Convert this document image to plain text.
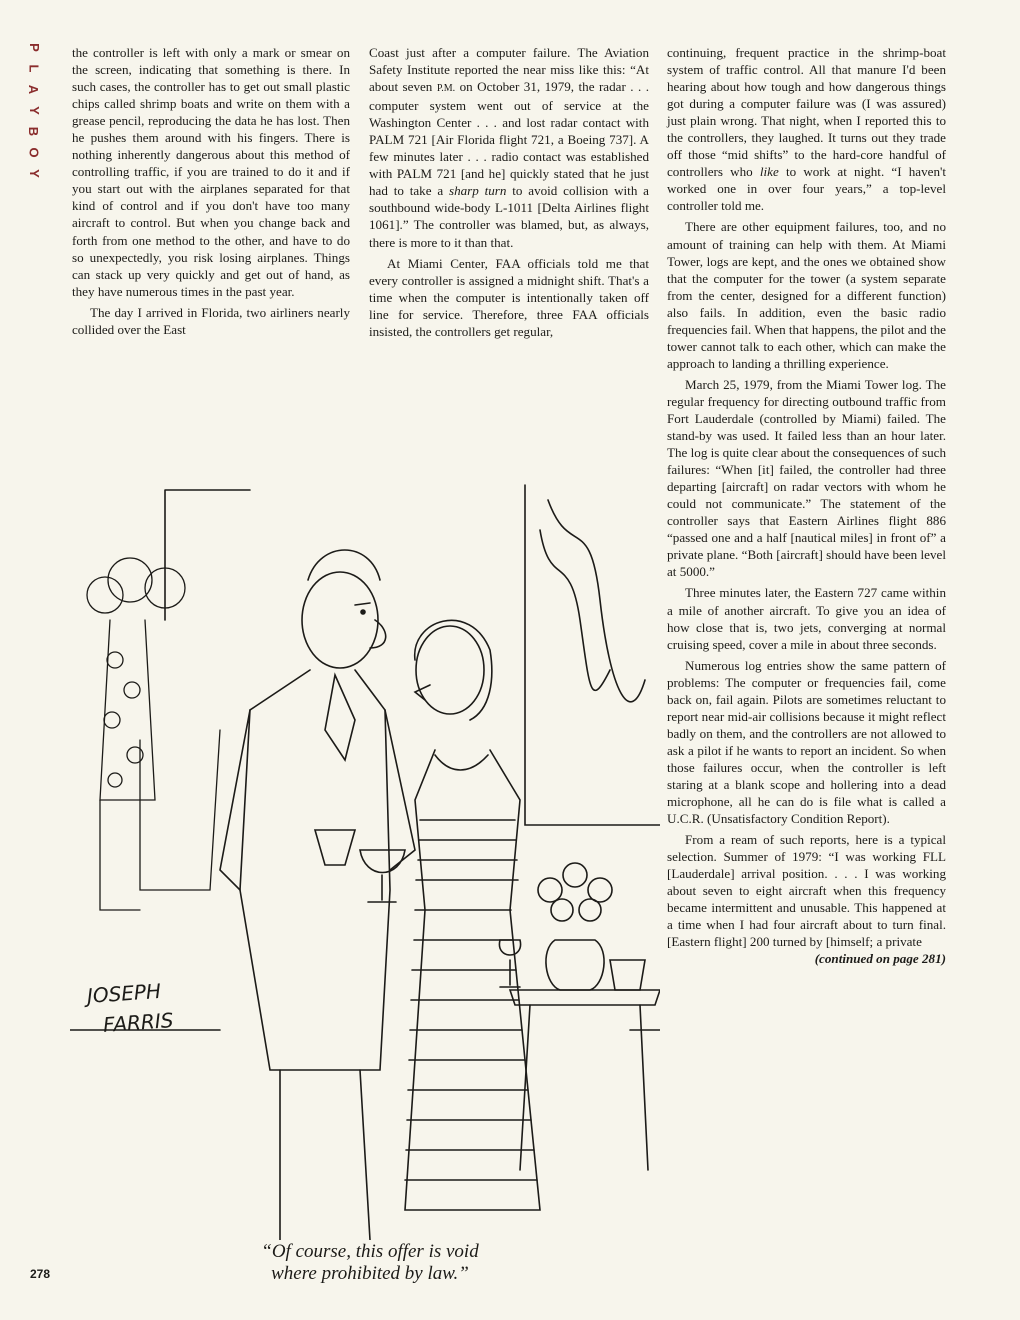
P
L
A
Y
B
O
Y

the controller is left with only a mark or smear on the screen, indicating that something is there. In such cases, the controller has to get out small plastic chips called shrimp boats and write on them with a grease pencil, reproducing the data he has lost. Then he pushes them around with his fingers. There is nothing inherently dangerous about this method of controlling traffic, if you are trained to do it and if you start out with the airplanes separated for that kind of control and if you don't have too many aircraft to control. But when you change back and forth from one method to the other, and have to do so unexpectedly, you risk losing airplanes. Things can stack up very quickly and get out of hand, as they have numerous times in the past year.

The day I arrived in Florida, two airliners nearly collided over the East

Coast just after a computer failure. The Aviation Safety Institute reported the near miss like this: “At about seven P.M. on October 31, 1979, the radar . . . computer system went out of service at the Washington Center . . . and lost radar contact with PALM 721 [Air Florida flight 721, a Boeing 737]. A few minutes later . . . radio contact was established with PALM 721 [and he] quickly stated that he just had to take a sharp turn to avoid collision with a southbound wide-body L-1011 [Delta Airlines flight 1061].” The controller was blamed, but, as always, there is more to it than that.

At Miami Center, FAA officials told me that every controller is assigned a midnight shift. That's a time when the computer is intentionally taken off line for service. Therefore, three FAA officials insisted, the controllers get regular,

continuing, frequent practice in the shrimp-boat system of traffic control. All that manure I'd been hearing about how tough and how dangerous things got during a computer failure was (I was assured) just plain wrong. That night, when I reported this to the controllers, they laughed. It turns out they trade off those “mid shifts” to the hard-core handful of controllers who like to work at night. “I haven't worked one in over four years,” a top-level controller told me.

There are other equipment failures, too, and no amount of training can help with them. At Miami Tower, logs are kept, and the ones we obtained show that the computer for the tower (a system separate from the center, designed for a different function) also fails. In addition, even the basic radio frequencies fail. When that happens, the pilot and the tower cannot talk to each other, which can make the approach to landing a thrilling experience.

March 25, 1979, from the Miami Tower log. The regular frequency for directing outbound traffic from Fort Lauderdale (controlled by Miami) failed. The stand-by was used. It failed less than an hour later. The log is quite clear about the consequences of such failures: “When [it] failed, the controller had three departing [aircraft] on radar vectors with whom he could not communicate.” The statement of the controller says that Eastern Airlines flight 886 “passed one and a half [nautical miles] in front of” a private plane. “Both [aircraft] should have been level at 5000.”

Three minutes later, the Eastern 727 came within a mile of another aircraft. To give you an idea of how close that is, two jets, converging at normal cruising speed, cover a mile in about three seconds.

Numerous log entries show the same pattern of problems: The computer or frequencies fail, come back on, fail again. Pilots are sometimes reluctant to report near mid-air collisions because it might reflect badly on them, and the controllers are not allowed to ask a pilot if he wants to report an incident. So when those failures occur, when the controller is left staring at a blank scope and hollering into a dead microphone, all he can do is file what is called a U.C.R. (Unsatisfactory Condition Report).

From a ream of such reports, here is a typical selection. Summer of 1979: “I was working FLL [Lauderdale] arrival position. . . . I was working about seven to eight aircraft when this frequency became intermittent and unusable. This happened at a time when I had four aircraft about to turn final. [Eastern flight] 200 turned by [himself; a private

(continued on page 281)

JOSEPH
FARRIS
“Of course, this offer is void
where prohibited by law.”
278
